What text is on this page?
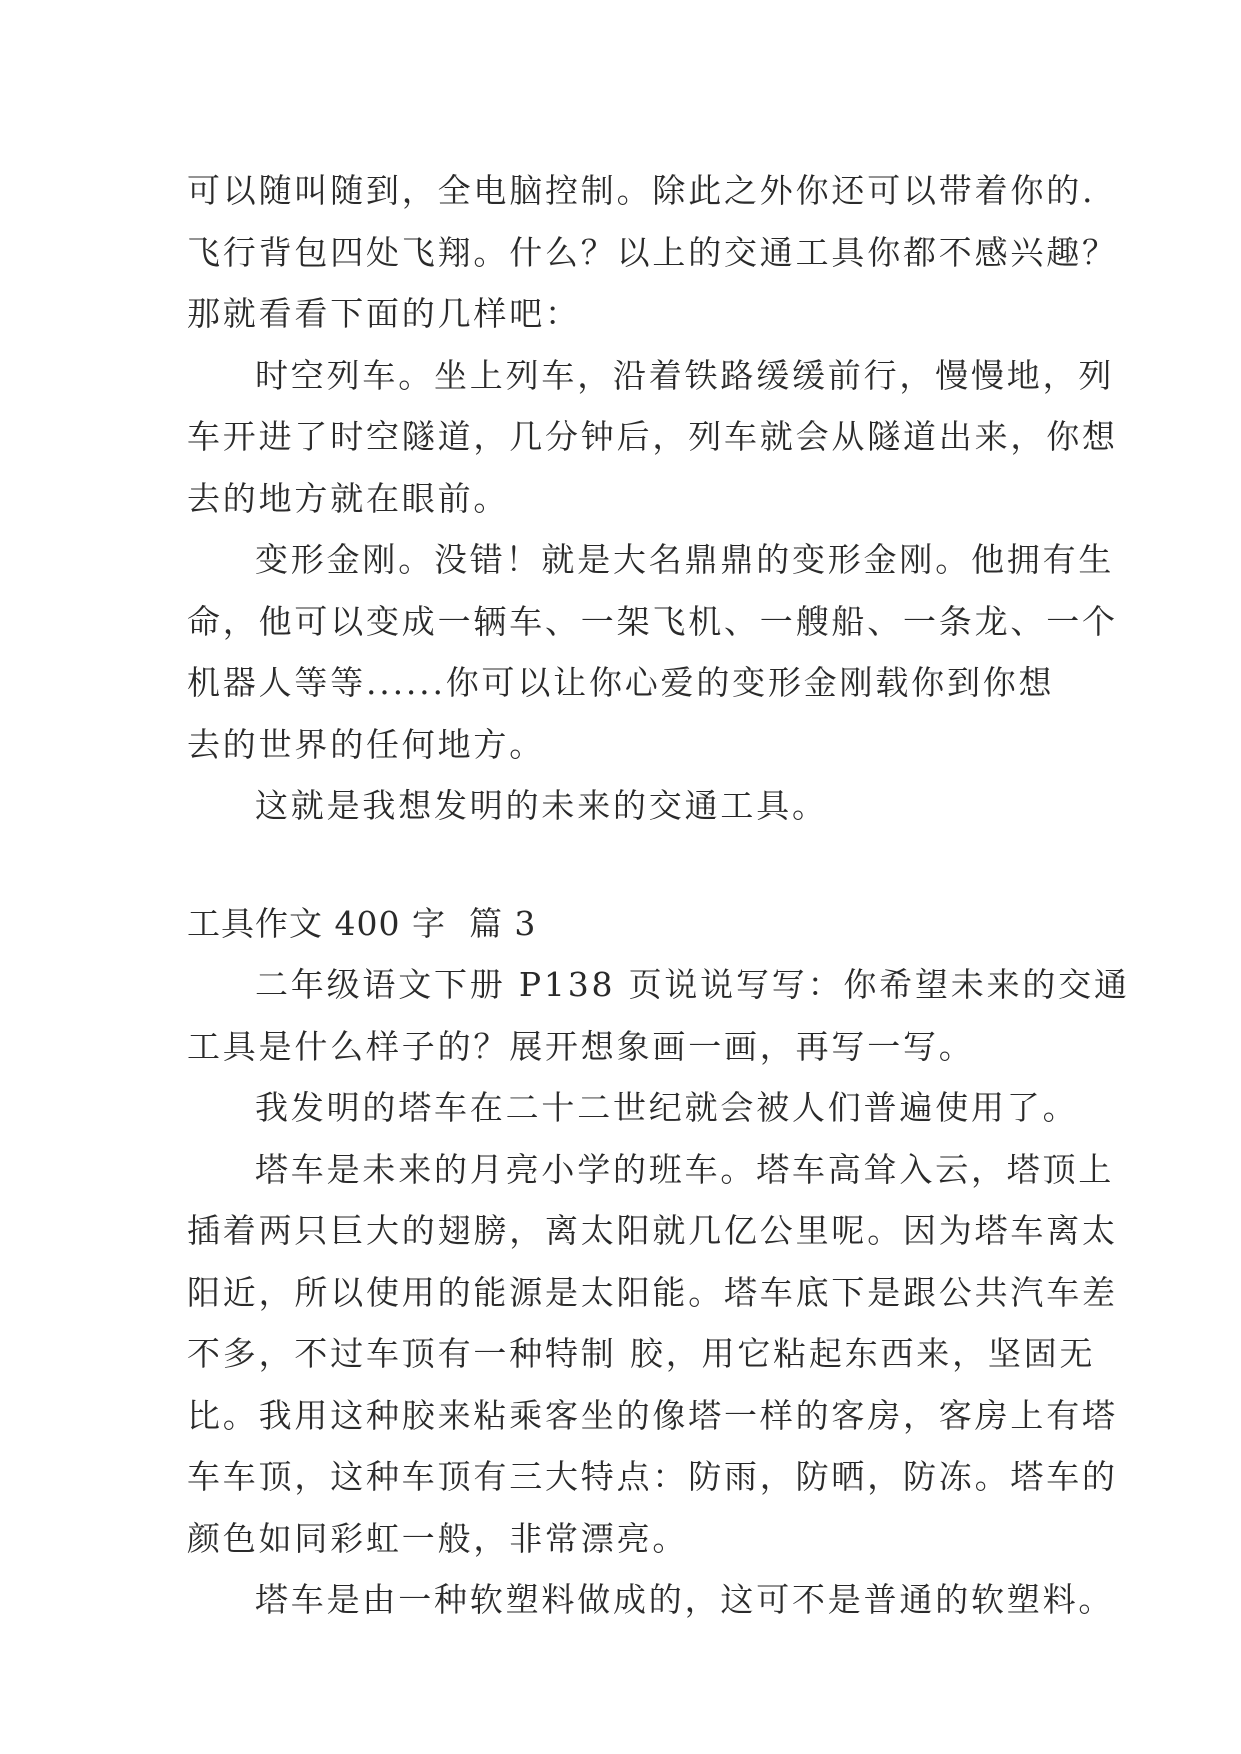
可以随叫随到，全电脑控制。除此之外你还可以带着你的.
飞行背包四处飞翔。什么？以上的交通工具你都不感兴趣？
那就看看下面的几样吧：
时空列车。坐上列车，沿着铁路缓缓前行，慢慢地，列
车开进了时空隧道，几分钟后，列车就会从隧道出来，你想
去的地方就在眼前。
变形金刚。没错！就是大名鼎鼎的变形金刚。他拥有生
命，他可以变成一辆车、一架飞机、一艘船、一条龙、一个
机器人等等......你可以让你心爱的变形金刚载你到你想
去的世界的任何地方。
这就是我想发明的未来的交通工具。
工具作文 400 字  篇 3
二年级语文下册 P138 页说说写写：你希望未来的交通
工具是什么样子的？展开想象画一画，再写一写。
我发明的塔车在二十二世纪就会被人们普遍使用了。
塔车是未来的月亮小学的班车。塔车高耸入云，塔顶上
插着两只巨大的翅膀，离太阳就几亿公里呢。因为塔车离太
阳近，所以使用的能源是太阳能。塔车底下是跟公共汽车差
不多，不过车顶有一种特制 胶，用它粘起东西来，坚固无
比。我用这种胶来粘乘客坐的像塔一样的客房，客房上有塔
车车顶，这种车顶有三大特点：防雨，防晒，防冻。塔车的
颜色如同彩虹一般，非常漂亮。
塔车是由一种软塑料做成的，这可不是普通的软塑料。
